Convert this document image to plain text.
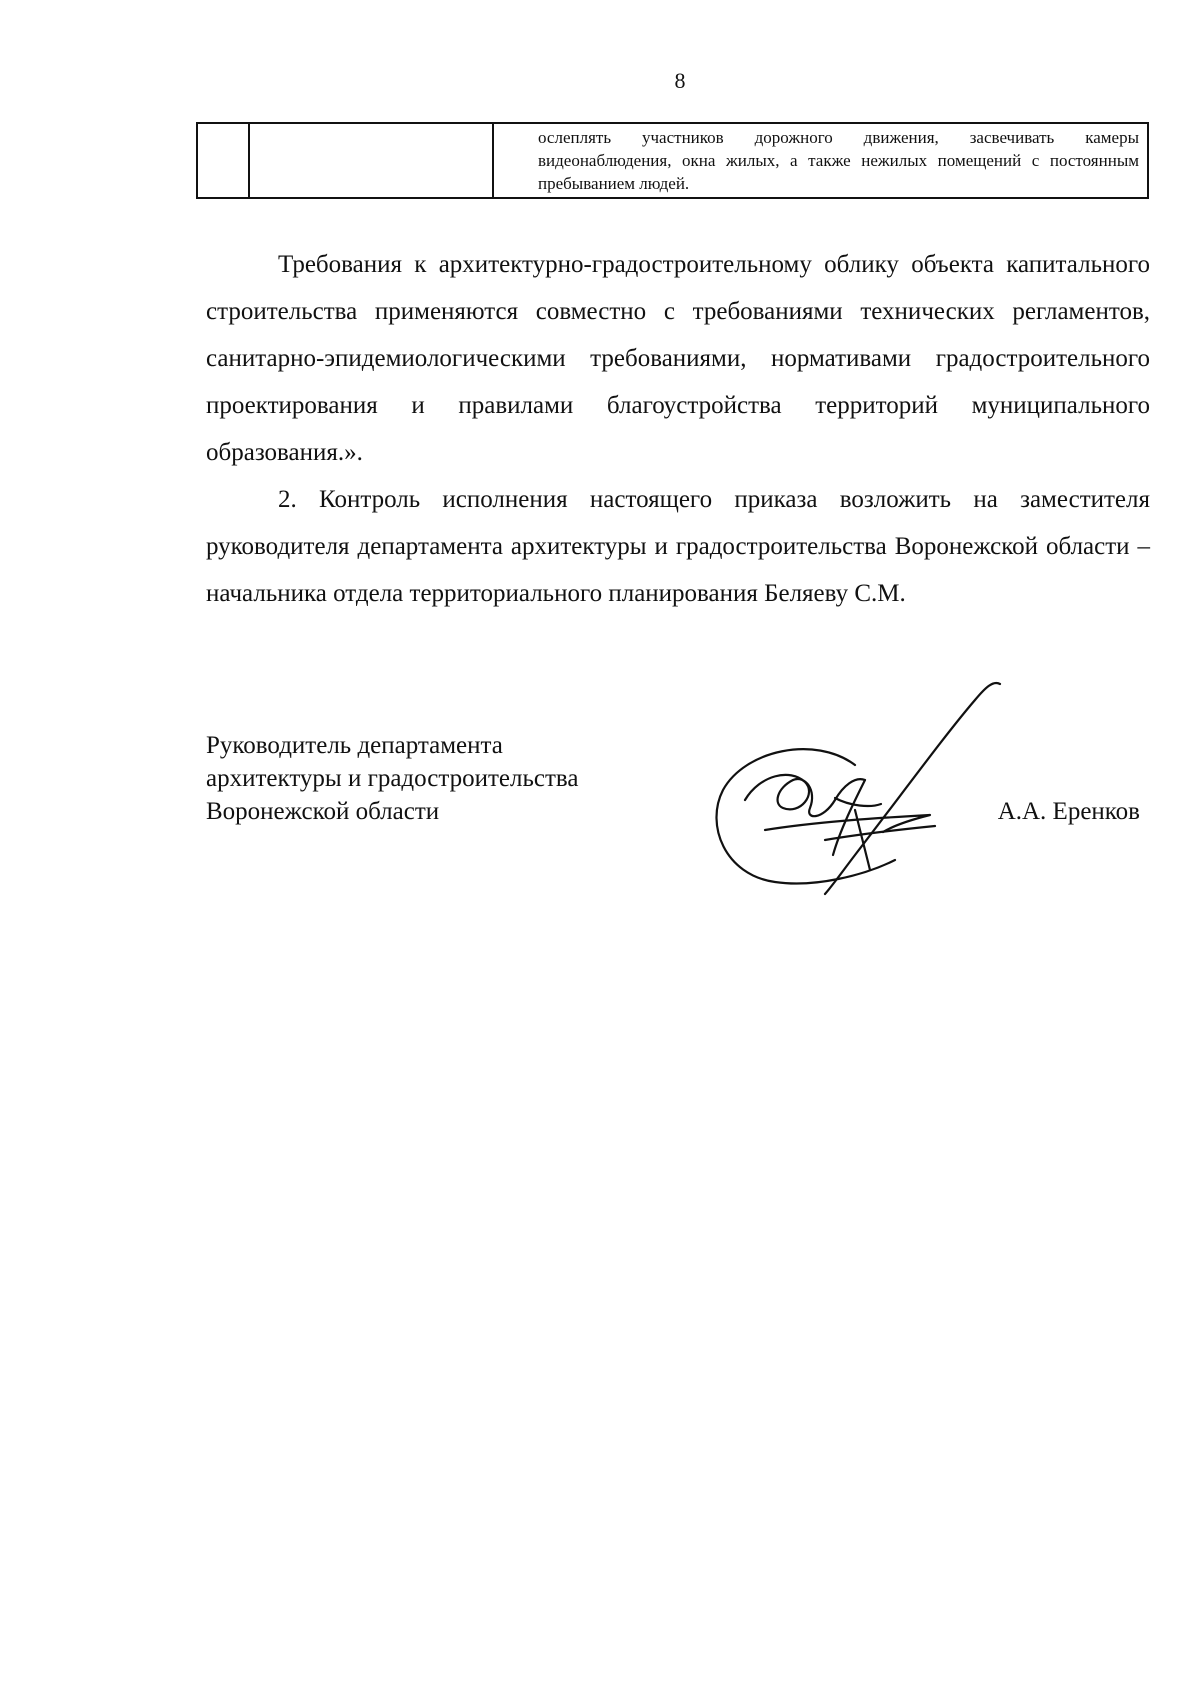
8
		ослеплять участников дорожного движения, засвечивать камеры видеонаблюдения, окна жилых, а также нежилых помещений с постоянным пребыванием людей.

Требования к архитектурно-градостроительному облику объекта капитального строительства применяются совместно с требованиями технических регламентов, санитарно-эпидемиологическими требованиями, нормативами градостроительного проектирования и правилами благоустройства территорий муниципального образования.».

2. Контроль исполнения настоящего приказа возложить на заместителя руководителя департамента архитектуры и градостроительства Воронежской области – начальника отдела территориального планирования Беляеву С.М.

Руководитель департамента
архитектуры и градостроительства
Воронежской области	А.А. Еренков
